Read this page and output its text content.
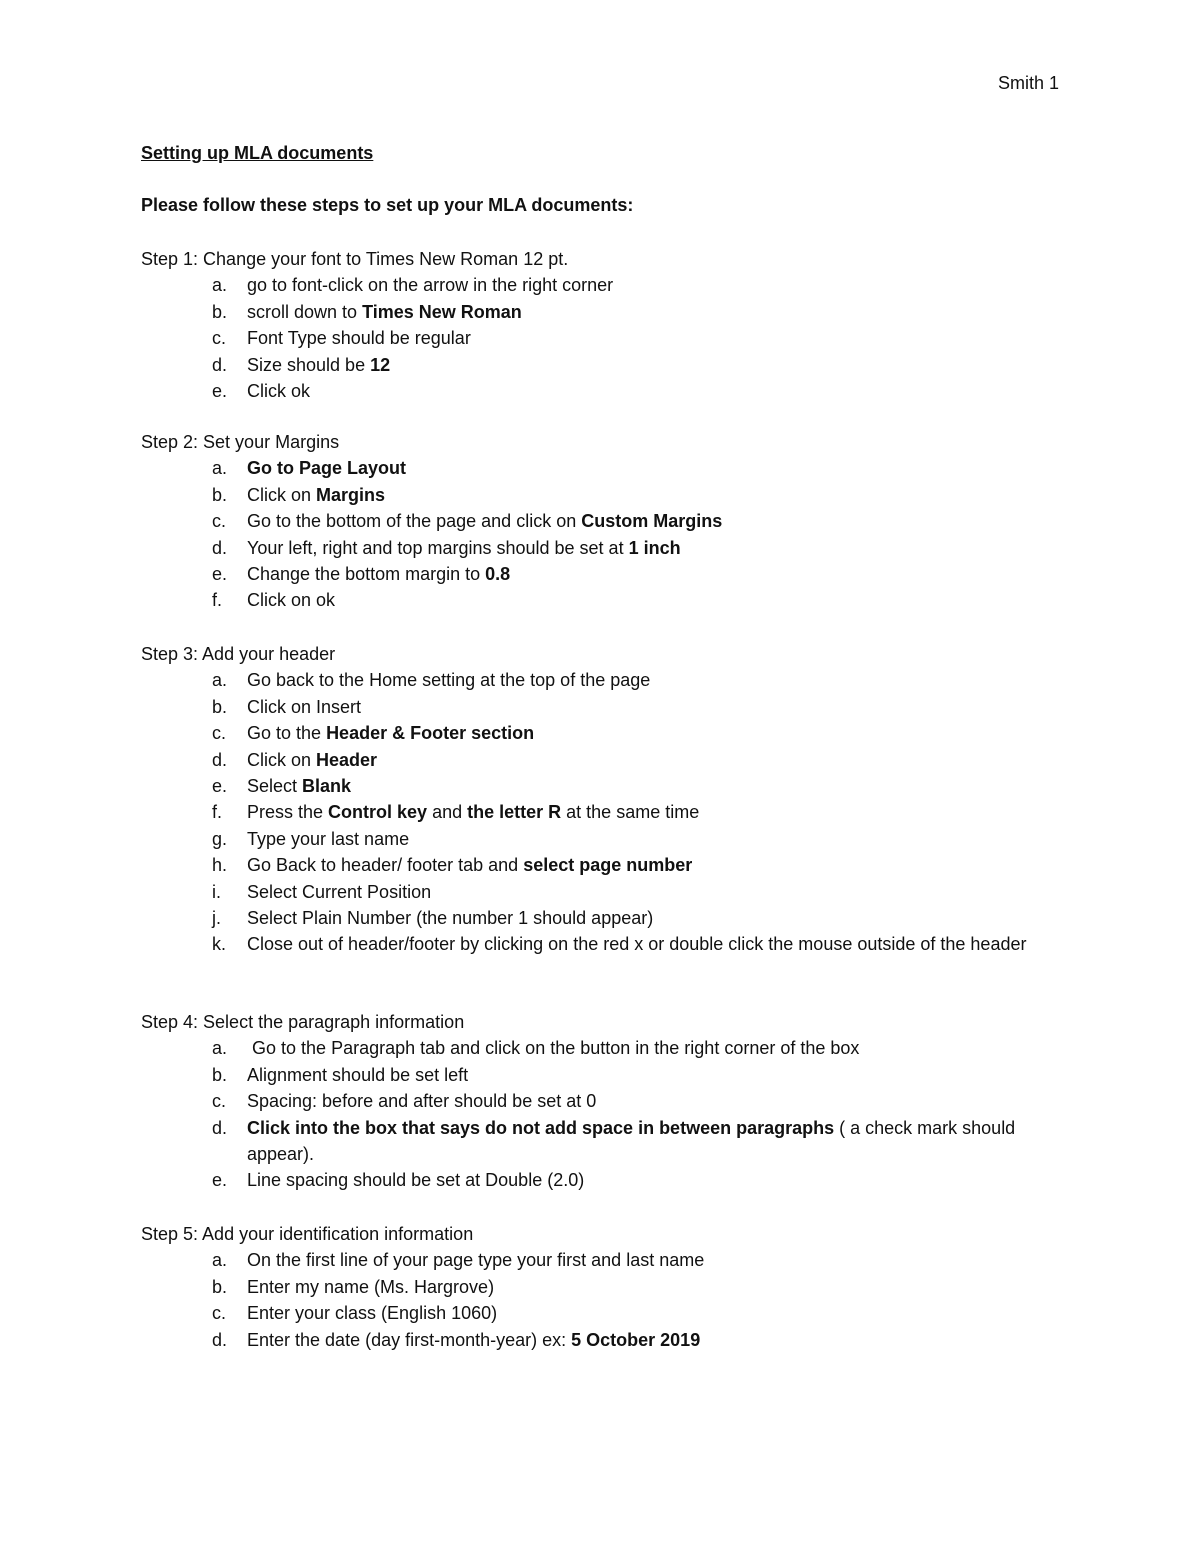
Smith 1
Setting up MLA documents
Please follow these steps to set up your MLA documents:
Step 1: Change your font to Times New Roman 12 pt.
a. go to font-click on the arrow in the right corner
b. scroll down to Times New Roman
c. Font Type should be regular
d. Size should be 12
e. Click ok
Step 2: Set your Margins
a. Go to Page Layout
b. Click on Margins
c. Go to the bottom of the page and click on Custom Margins
d. Your left, right and top margins should be set at 1 inch
e. Change the bottom margin to 0.8
f. Click on ok
Step 3: Add your header
a. Go back to the Home setting at the top of the page
b. Click on Insert
c. Go to the Header & Footer section
d. Click on Header
e. Select Blank
f. Press the Control key and the letter R at the same time
g. Type your last name
h. Go Back to header/ footer tab and select page number
i. Select Current Position
j. Select Plain Number (the number 1 should appear)
k. Close out of header/footer by clicking on the red x or double click the mouse outside of the header
Step 4: Select the paragraph information
a. Go to the Paragraph tab and click on the button in the right corner of the box
b. Alignment should be set left
c. Spacing: before and after should be set at 0
d. Click into the box that says do not add space in between paragraphs ( a check mark should appear).
e. Line spacing should be set at Double (2.0)
Step 5: Add your identification information
a. On the first line of your page type your first and last name
b. Enter my name (Ms. Hargrove)
c. Enter your class (English 1060)
d. Enter the date (day first-month-year) ex: 5 October 2019
